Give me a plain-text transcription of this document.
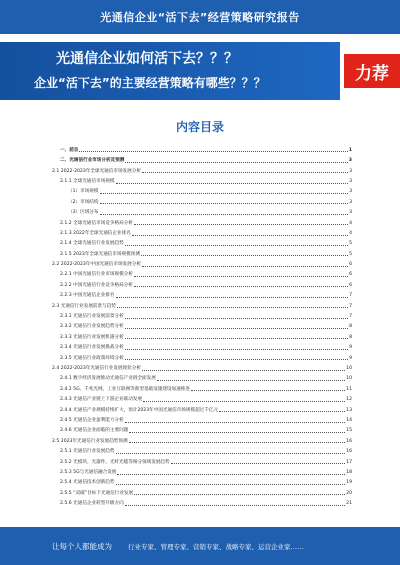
光通信企业“活下去”经营策略研究报告
光通信企业如何活下去？？？
企业“活下去”的主要经营策略有哪些？？？	力荐
内容目录
一、前言	1
二、光通信行业市场分析及预测	3
2.1 2022-2023年全球光通信市场发展分析	3
2.1.1 全球光通信市场规模	3
（1）市场规模	3
（2）市场结构	3
（3）区域分布	3
2.1.2 全球光通信市场竞争格局分析	4
2.1.3 2022年全球光通信企业排名	4
2.1.4 全球光通信行业发展趋势	5
2.1.5 2023年全球光通信市场规模预测	5
2.2 2022-2023年中国光通信市场发展分析	6
2.2.1 中国光通信行业市场规模分析	6
2.2.2 中国光通信行业竞争格局分析	6
2.2.3 中国光通信企业排名	7
2.3 光通信行业发展前景与趋势	7
2.3.1 光通信行业发展前景分析	7
2.3.2 光通信行业发展趋势分析	8
2.3.3 光通信行业发展机遇分析	8
2.3.4 光通信行业发展挑战分析	9
2.3.5 光通信行业政策环境分析	9
2.4 2022-2023年光通信行业发展现状分析	10
2.4.1 数字经济发展推动光通信产业链全面发展	10
2.4.2 5G、千兆光网、工业互联网等新型基础设施建设加速推进	11
2.4.3 光通信产业链上下游企业联动发展	12
2.4.4 光通信产业规模持续扩大，预计2023年中国光通信市场规模超过千亿元	13
2.4.5 光通信企业盈利能力分析	14
2.4.6 光通信企业面临的主要问题	15
2.5 2023年光通信行业发展趋势预测	16
2.5.1 光通信行业发展趋势	16
2.5.2 光模块、光器件、光纤光缆等细分领域发展趋势	17
2.5.3 5G与光通信融合发展	18
2.5.4 光通信技术创新趋势	19
2.5.5 “双碳”目标下光通信行业发展	20
2.5.6 光通信企业转型升级方向	21
让每个人都能成为 行业专家、管理专家、营销专家、战略专家、运营企业家……
